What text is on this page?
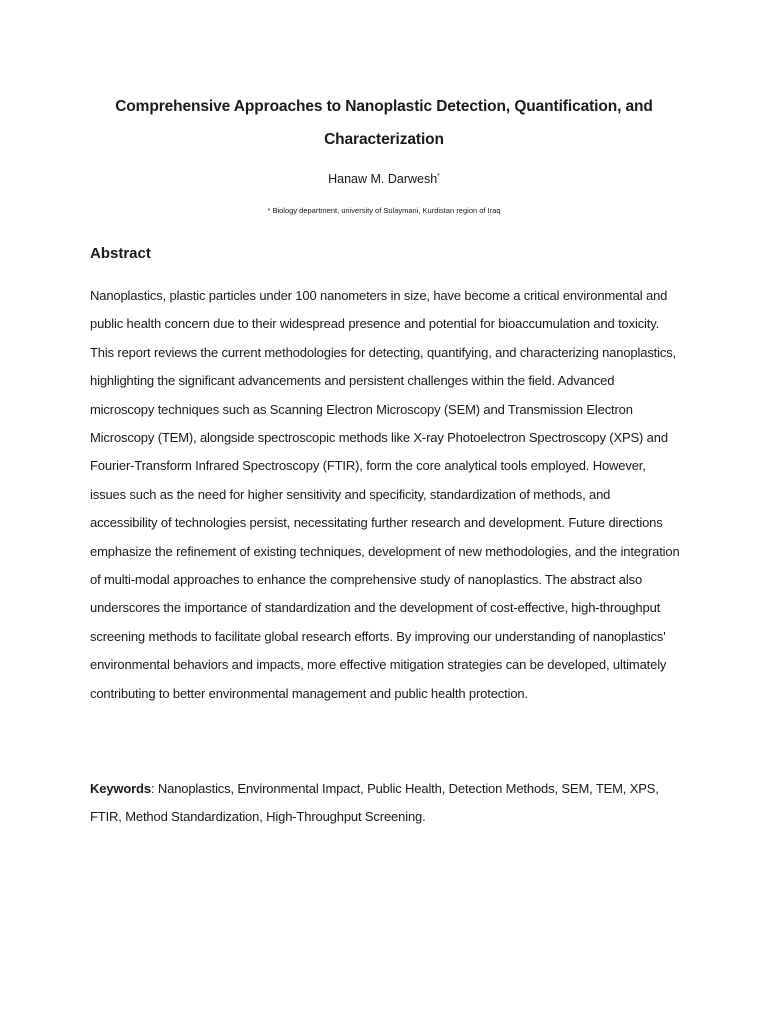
Comprehensive Approaches to Nanoplastic Detection, Quantification, and Characterization
Hanaw M. Darwesh*
* Biology department, university of Sulaymani, Kurdistan region of Iraq
Abstract

Nanoplastics, plastic particles under 100 nanometers in size, have become a critical environmental and public health concern due to their widespread presence and potential for bioaccumulation and toxicity. This report reviews the current methodologies for detecting, quantifying, and characterizing nanoplastics, highlighting the significant advancements and persistent challenges within the field. Advanced microscopy techniques such as Scanning Electron Microscopy (SEM) and Transmission Electron Microscopy (TEM), alongside spectroscopic methods like X-ray Photoelectron Spectroscopy (XPS) and Fourier-Transform Infrared Spectroscopy (FTIR), form the core analytical tools employed. However, issues such as the need for higher sensitivity and specificity, standardization of methods, and accessibility of technologies persist, necessitating further research and development. Future directions emphasize the refinement of existing techniques, development of new methodologies, and the integration of multi-modal approaches to enhance the comprehensive study of nanoplastics. The abstract also underscores the importance of standardization and the development of cost-effective, high-throughput screening methods to facilitate global research efforts. By improving our understanding of nanoplastics' environmental behaviors and impacts, more effective mitigation strategies can be developed, ultimately contributing to better environmental management and public health protection.

Keywords: Nanoplastics, Environmental Impact, Public Health, Detection Methods, SEM, TEM, XPS, FTIR, Method Standardization, High-Throughput Screening.
